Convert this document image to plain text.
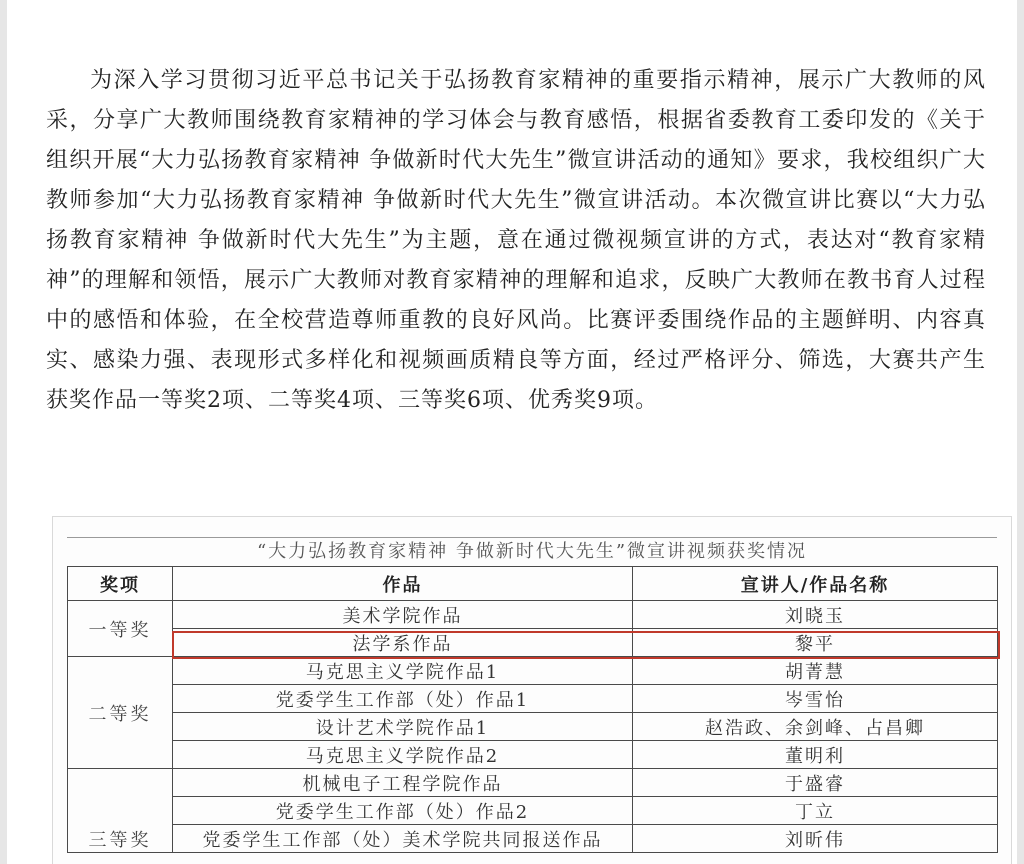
为深入学习贯彻习近平总书记关于弘扬教育家精神的重要指示精神，展示广大教师的风采，分享广大教师围绕教育家精神的学习体会与教育感悟，根据省委教育工委印发的《关于组织开展“大力弘扬教育家精神 争做新时代大先生”微宣讲活动的通知》要求，我校组织广大教师参加“大力弘扬教育家精神 争做新时代大先生”微宣讲活动。本次微宣讲比赛以“大力弘扬教育家精神 争做新时代大先生”为主题，意在通过微视频宣讲的方式，表达对“教育家精神”的理解和领悟，展示广大教师对教育家精神的理解和追求，反映广大教师在教书育人过程中的感悟和体验，在全校营造尊师重教的良好风尚。比赛评委围绕作品的主题鲜明、内容真实、感染力强、表现形式多样化和视频画质精良等方面，经过严格评分、筛选，大赛共产生获奖作品一等奖2项、二等奖4项、三等奖6项、优秀奖9项。

“大力弘扬教育家精神 争做新时代大先生”微宣讲视频获奖情况
奖项	作品	宣讲人/作品名称
一等奖	美术学院作品	刘晓玉
	法学系作品	黎平
二等奖	马克思主义学院作品1	胡菁慧
	党委学生工作部（处）作品1	岑雪怡
	设计艺术学院作品1	赵浩政、余剑峰、占昌卿
	马克思主义学院作品2	董明利
三等奖	机械电子工程学院作品	于盛睿
	党委学生工作部（处）作品2	丁立
	党委学生工作部（处）美术学院共同报送作品	刘昕伟
